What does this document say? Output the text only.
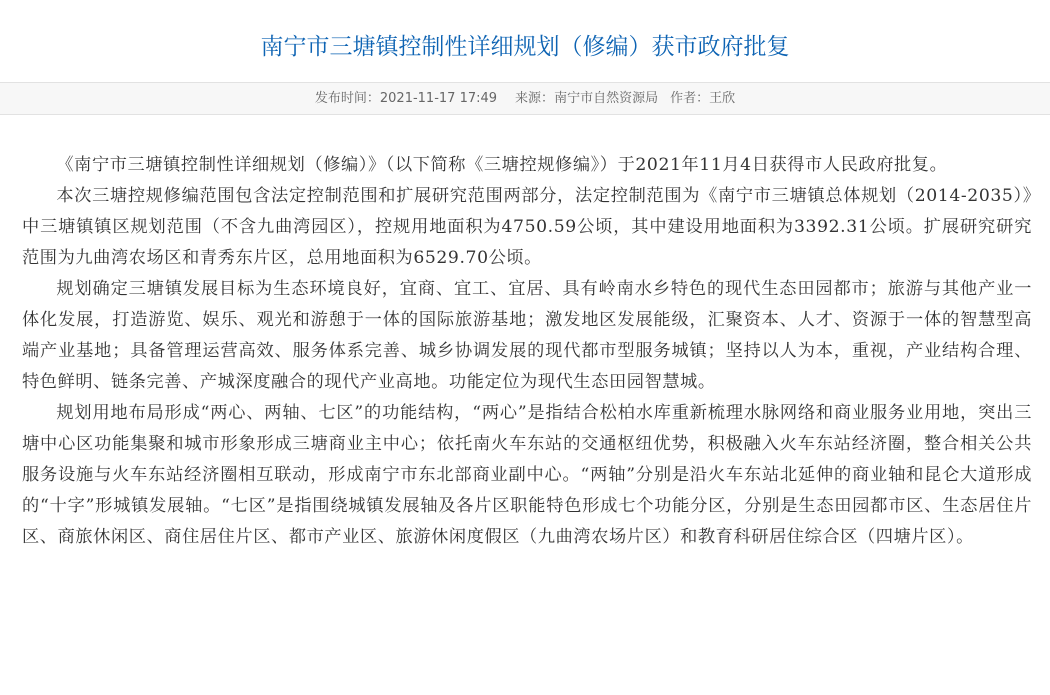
南宁市三塘镇控制性详细规划（修编）获市政府批复
发布时间：2021-11-17 17:49 来源：南宁市自然资源局 作者：王欣

《南宁市三塘镇控制性详细规划（修编）》（以下简称《三塘控规修编》）于2021年11月4日获得市人民政府批复。

本次三塘控规修编范围包含法定控制范围和扩展研究范围两部分，法定控制范围为《南宁市三塘镇总体规划（2014-2035）》中三塘镇镇区规划范围（不含九曲湾园区），控规用地面积为4750.59公顷，其中建设用地面积为3392.31公顷。扩展研究研究范围为九曲湾农场区和青秀东片区，总用地面积为6529.70公顷。

规划确定三塘镇发展目标为生态环境良好，宜商、宜工、宜居、具有岭南水乡特色的现代生态田园都市；旅游与其他产业一体化发展，打造游览、娱乐、观光和游憩于一体的国际旅游基地；激发地区发展能级，汇聚资本、人才、资源于一体的智慧型高端产业基地；具备管理运营高效、服务体系完善、城乡协调发展的现代都市型服务城镇；坚持以人为本，重视，产业结构合理、特色鲜明、链条完善、产城深度融合的现代产业高地。功能定位为现代生态田园智慧城。

规划用地布局形成“两心、两轴、七区”的功能结构，“两心”是指结合松柏水库重新梳理水脉网络和商业服务业用地，突出三塘中心区功能集聚和城市形象形成三塘商业主中心；依托南火车东站的交通枢纽优势，积极融入火车东站经济圈，整合相关公共服务设施与火车东站经济圈相互联动，形成南宁市东北部商业副中心。“两轴”分别是沿火车东站北延伸的商业轴和昆仑大道形成的“十字”形城镇发展轴。“七区”是指围绕城镇发展轴及各片区职能特色形成七个功能分区，分别是生态田园都市区、生态居住片区、商旅休闲区、商住居住片区、都市产业区、旅游休闲度假区（九曲湾农场片区）和教育科研居住综合区（四塘片区）。
